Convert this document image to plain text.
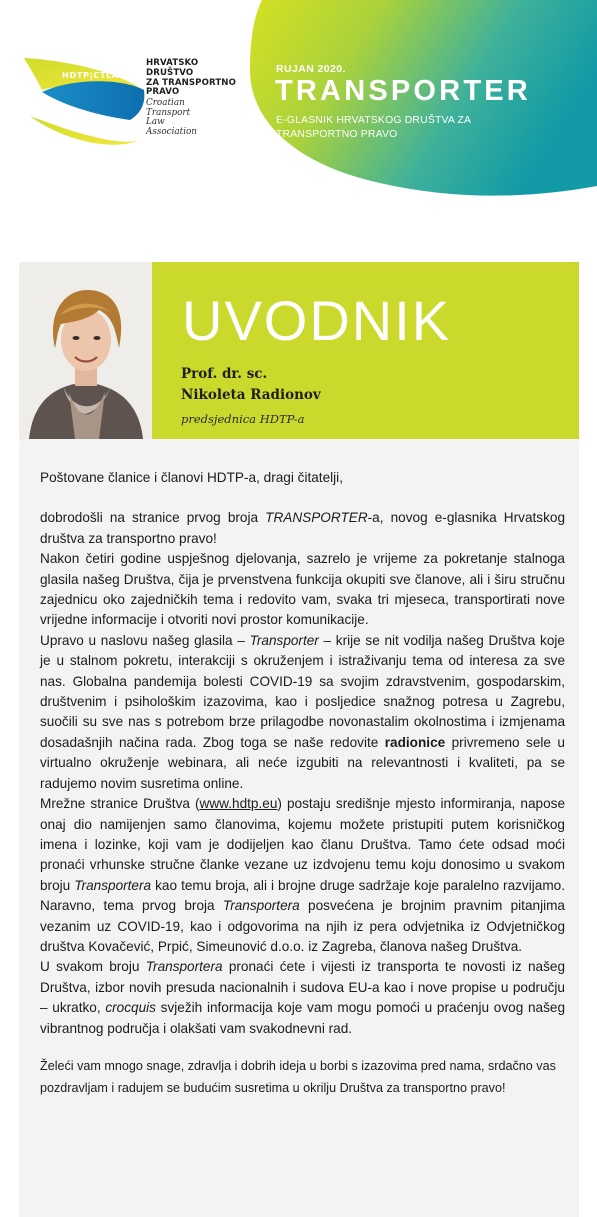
HDTP|CTLA
HRVATSKO
DRUŠTVO
ZA TRANSPORTNO
PRAVO
Croatian
Transport
Law
Association
RUJAN 2020.
TRANSPORTER
E-GLASNIK HRVATSKOG DRUŠTVA ZA TRANSPORTNO PRAVO
UVODNIK
Prof. dr. sc.
Nikoleta Radionov
predsjednica HDTP-a

Poštovane članice i članovi HDTP-a, dragi čitatelji,

dobrodošli na stranice prvog broja TRANSPORTER-a, novog e-glasnika Hrvatskog društva za transportno pravo!

Nakon četiri godine uspješnog djelovanja, sazrelo je vrijeme za pokretanje stalnoga glasila našeg Društva, čija je prvenstvena funkcija okupiti sve članove, ali i širu stručnu zajednicu oko zajedničkih tema i redovito vam, svaka tri mjeseca, transportirati nove vrijedne informacije i otvoriti novi prostor komunikacije.

Upravo u naslovu našeg glasila – Transporter – krije se nit vodilja našeg Društva koje je u stalnom pokretu, interakciji s okruženjem i istraživanju tema od interesa za sve nas. Globalna pandemija bolesti COVID-19 sa svojim zdravstvenim, gospodarskim, društvenim i psihološkim izazovima, kao i posljedice snažnog potresa u Zagrebu, suočili su sve nas s potrebom brze prilagodbe novonastalim okolnostima i izmjenama dosadašnjih načina rada. Zbog toga se naše redovite radionice privremeno sele u virtualno okruženje webinara, ali neće izgubiti na relevantnosti i kvaliteti, pa se radujemo novim susretima online.

Mrežne stranice Društva (www.hdtp.eu) postaju središnje mjesto informiranja, napose onaj dio namijenjen samo članovima, kojemu možete pristupiti putem korisničkog imena i lozinke, koji vam je dodijeljen kao članu Društva. Tamo ćete odsad moći pronaći vrhunske stručne članke vezane uz izdvojenu temu koju donosimo u svakom broju Transportera kao temu broja, ali i brojne druge sadržaje koje paralelno razvijamo. Naravno, tema prvog broja Transportera posvećena je brojnim pravnim pitanjima vezanim uz COVID-19, kao i odgovorima na njih iz pera odvjetnika iz Odvjetničkog društva Kovačević, Prpić, Simeunović d.o.o. iz Zagreba, članova našeg Društva.

U svakom broju Transportera pronaći ćete i vijesti iz transporta te novosti iz našeg Društva, izbor novih presuda nacionalnih i sudova EU-a kao i nove propise u području – ukratko, crocquis svježih informacija koje vam mogu pomoći u praćenju ovog našeg vibrantnog područja i olakšati vam svakodnevni rad.

Želeći vam mnogo snage, zdravlja i dobrih ideja u borbi s izazovima pred nama, srdačno vas pozdravljam i radujem se budućim susretima u okrilju Društva za transportno pravo!
